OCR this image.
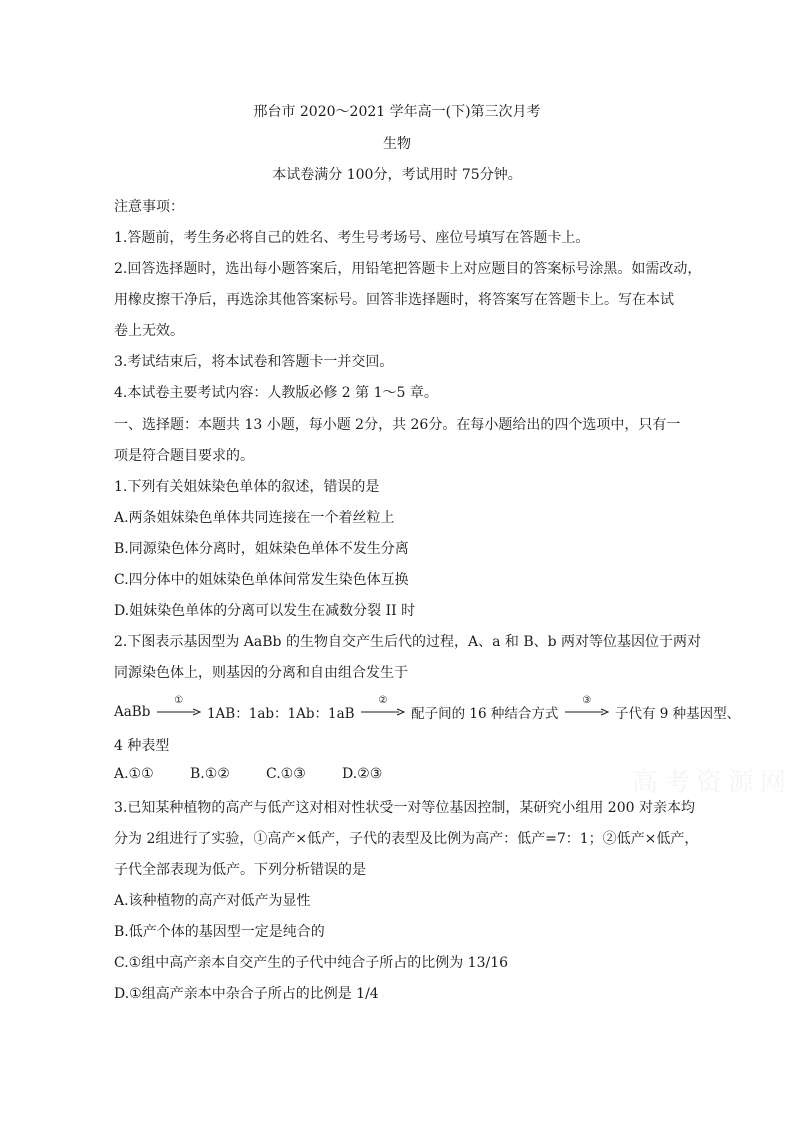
邢台市 2020～2021 学年高一(下)第三次月考
生物
本试卷满分 100分，考试用时 75分钟。
注意事项：
1.答题前，考生务必将自己的姓名、考生号考场号、座位号填写在答题卡上。
2.回答选择题时，选出每小题答案后，用铅笔把答题卡上对应题目的答案标号涂黑。如需改动，
用橡皮擦干净后，再选涂其他答案标号。回答非选择题时，将答案写在答题卡上。写在本试
卷上无效。
3.考试结束后，将本试卷和答题卡一并交回。
4.本试卷主要考试内容：人教版必修 2 第 1～5 章。
一、选择题：本题共 13 小题，每小题 2分，共 26分。在每小题给出的四个选项中，只有一
项是符合题目要求的。
1.下列有关姐妹染色单体的叙述，错误的是
A.两条姐妹染色单体共同连接在一个着丝粒上
B.同源染色体分离时，姐妹染色单体不发生分离
C.四分体中的姐妹染色单体间常发生染色体互换
D.姐妹染色单体的分离可以发生在减数分裂 II 时
2.下图表示基因型为 AaBb 的生物自交产生后代的过程，A、a 和 B、b 两对等位基因位于两对
同源染色体上，则基因的分离和自由组合发生于
AaBb
①
1AB：1ab：1Ab：1aB
②
配子间的 16 种结合方式
③
子代有 9 种基因型、
4 种表型
A.①①	B.①②	C.①③	D.②③	高考资源网
3.已知某种植物的高产与低产这对相对性状受一对等位基因控制，某研究小组用 200 对亲本均
分为 2组进行了实验，①高产×低产，子代的表型及比例为高产：低产=7：1；②低产×低产，
子代全部表现为低产。下列分析错误的是
A.该种植物的高产对低产为显性
B.低产个体的基因型一定是纯合的
C.①组中高产亲本自交产生的子代中纯合子所占的比例为 13/16
D.①组高产亲本中杂合子所占的比例是 1/4
